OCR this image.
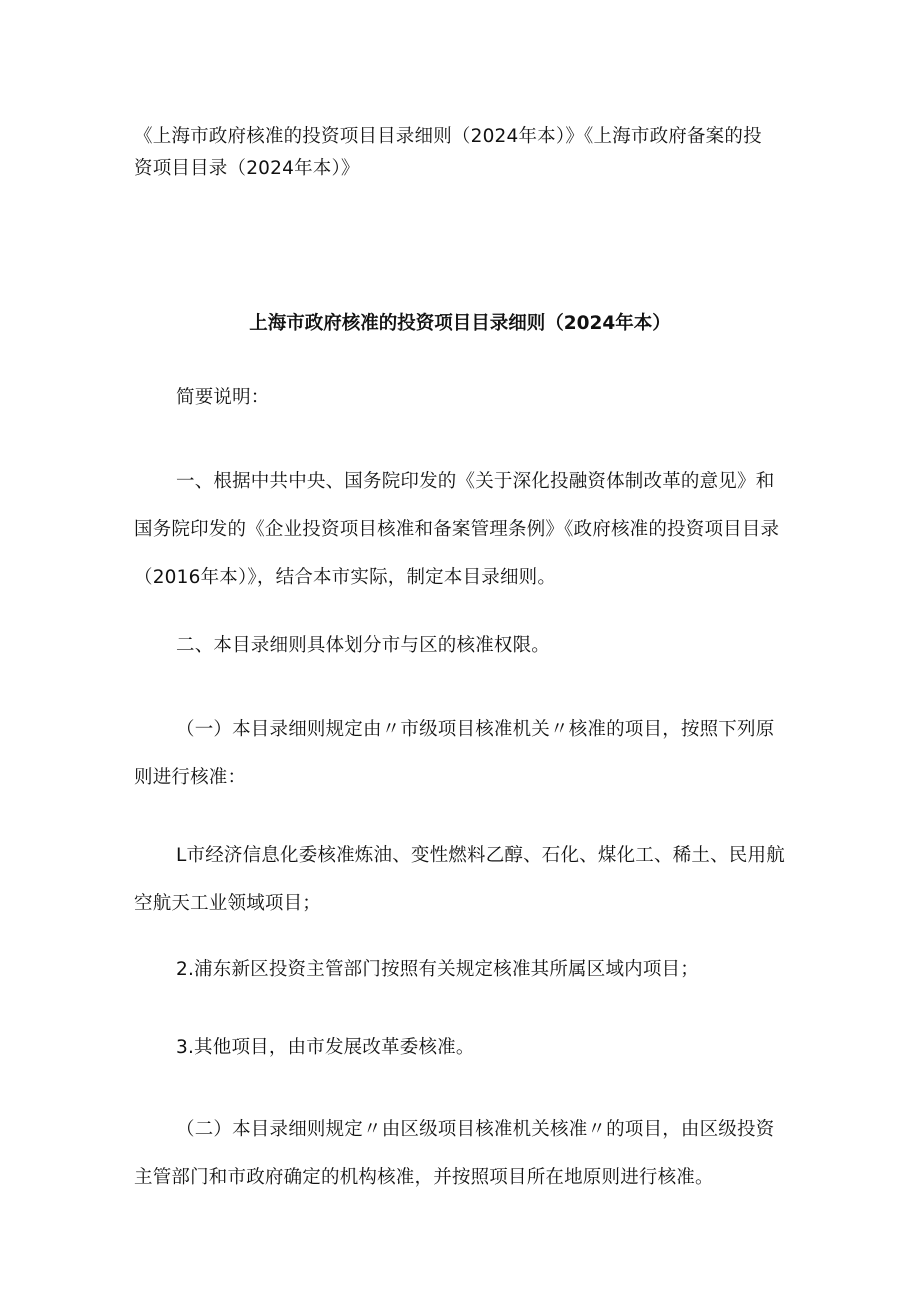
《上海市政府核准的投资项目目录细则（2024年本）》《上海市政府备案的投
资项目目录（2024年本）》

上海市政府核准的投资项目目录细则（2024年本）

简要说明：

一、根据中共中央、国务院印发的《关于深化投融资体制改革的意见》和
国务院印发的《企业投资项目核准和备案管理条例》《政府核准的投资项目目录
（2016年本）》，结合本市实际，制定本目录细则。

二、本目录细则具体划分市与区的核准权限。

（一）本目录细则规定由〃市级项目核准机关〃核准的项目，按照下列原
则进行核准：

L市经济信息化委核准炼油、变性燃料乙醇、石化、煤化工、稀土、民用航
空航天工业领域项目；

2.浦东新区投资主管部门按照有关规定核准其所属区域内项目；

3.其他项目，由市发展改革委核准。

（二）本目录细则规定〃由区级项目核准机关核准〃的项目，由区级投资
主管部门和市政府确定的机构核准，并按照项目所在地原则进行核准。
